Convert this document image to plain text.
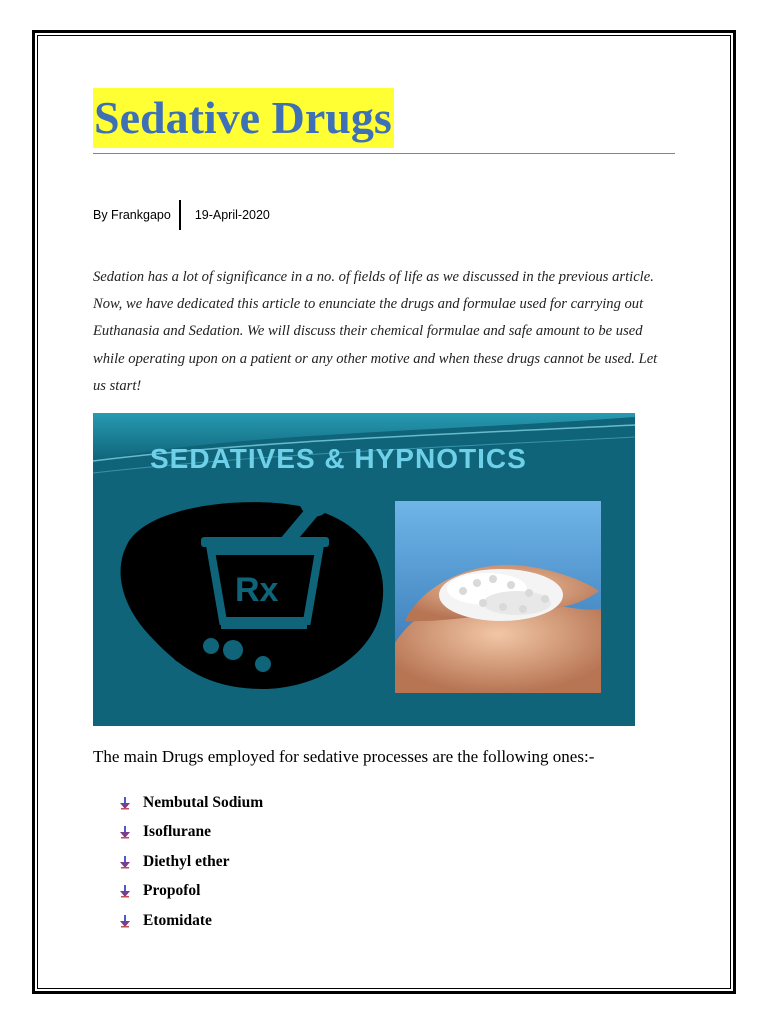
Sedative Drugs
By Frankgapo	19-April-2020
Sedation has a lot of significance in a no. of fields of life as we discussed in the previous article. Now, we have dedicated this article to enunciate the drugs and formulae used for carrying out Euthanasia and Sedation. We will discuss their chemical formulae and safe amount to be used while operating upon on a patient or any other motive and when these drugs cannot be used. Let us start!
Rx
SEDATIVES & HYPNOTICS
The main Drugs employed for sedative processes are the following ones:-
Nembutal Sodium
Isoflurane
Diethyl ether
Propofol
Etomidate
